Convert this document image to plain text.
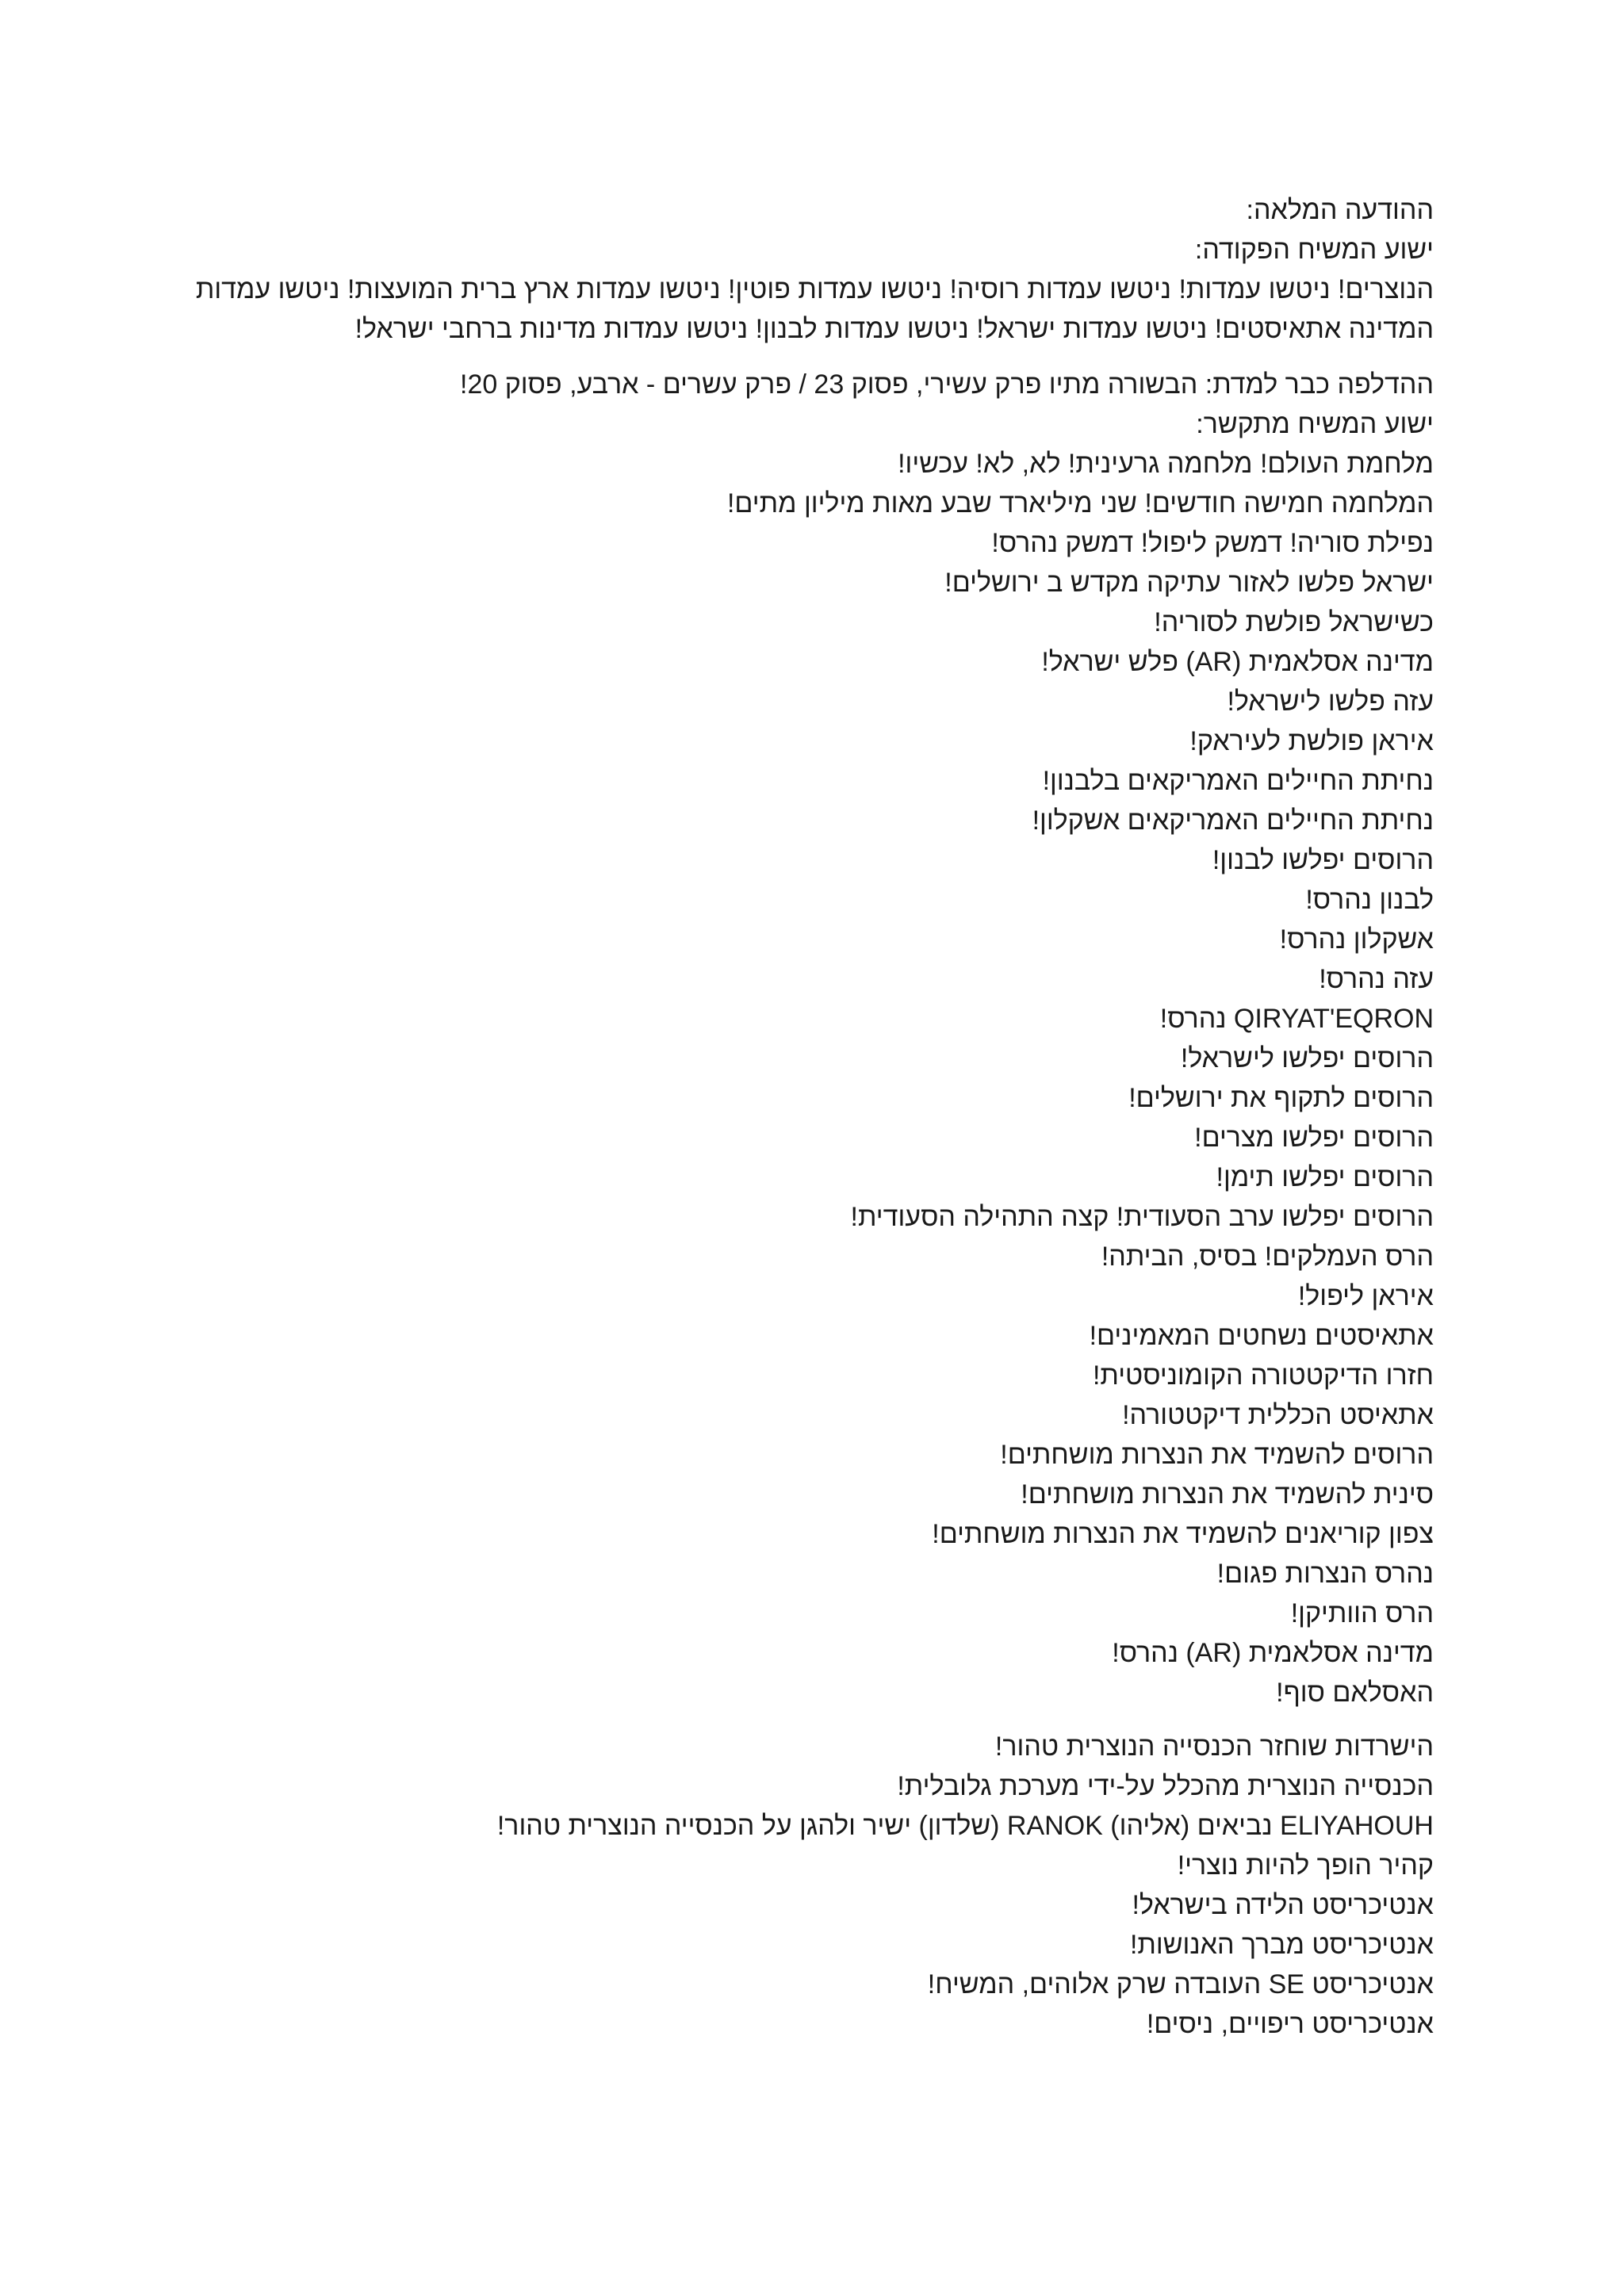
ההודעה המלאה:

ישוע המשיח הפקודה:

הנוצרים! ניטשו עמדות! ניטשו עמדות רוסיה! ניטשו עמדות פוטין! ניטשו עמדות ארץ ברית המועצות! ניטשו עמדות המדינה אתאיסטים! ניטשו עמדות ישראל! ניטשו עמדות לבנון! ניטשו עמדות מדינות ברחבי ישראל!

ההדלפה כבר למדת: הבשורה מתיו פרק עשירי, פסוק 23 / פרק עשרים - ארבע, פסוק 20!

ישוע המשיח מתקשר:

מלחמת העולם! מלחמה גרעינית! לא, לא! עכשיו!
המלחמה חמישה חודשים! שני מיליארד שבע מאות מיליון מתים!
נפילת סוריה! דמשק ליפול! דמשק נהרס!
ישראל פלשו לאזור עתיקה מקדש ב ירושלים!
כשישראל פולשת לסוריה!
מדינה אסלאמית (AR) פלש ישראל!
עזה פלשו לישראל!
איראן פולשת לעיראק!
נחיתת החיילים האמריקאים בלבנון!
נחיתת החיילים האמריקאים אשקלון!
הרוסים יפלשו לבנון!
לבנון נהרס!
אשקלון נהרס!
עזה נהרס!
QIRYAT'EQRON נהרס!
הרוסים יפלשו לישראל!
הרוסים לתקוף את ירושלים!
הרוסים יפלשו מצרים!
הרוסים יפלשו תימן!
הרוסים יפלשו ערב הסעודית! קצה התהילה הסעודית!
הרס העמלקים! בסיס, הביתה!
איראן ליפול!
אתאיסטים נשחטים המאמינים!
חזרו הדיקטטורה הקומוניסטית!
אתאיסט הכללית דיקטטורה!
הרוסים להשמיד את הנצרות מושחתים!
סינית להשמיד את הנצרות מושחתים!
צפון קוריאנים להשמיד את הנצרות מושחתים!
נהרס הנצרות פגום!
הרס הוותיקן!
מדינה אסלאמית (AR) נהרס!
האסלאם סוף!
הישרדות שוחזר הכנסייה הנוצרית טהור!
הכנסייה הנוצרית מהכלל על-ידי מערכת גלובלית!
ELIYAHOUH נביאים (אליהו) RANOK (שלדון) ישיר ולהגן על הכנסייה הנוצרית טהור!
קהיר הופך להיות נוצרי!
אנטיכריסט הלידה בישראל!
אנטיכריסט מברך האנושות!
אנטיכריסט SE העובדה שרק אלוהים, המשיח!
אנטיכריסט ריפויים, ניסים!
